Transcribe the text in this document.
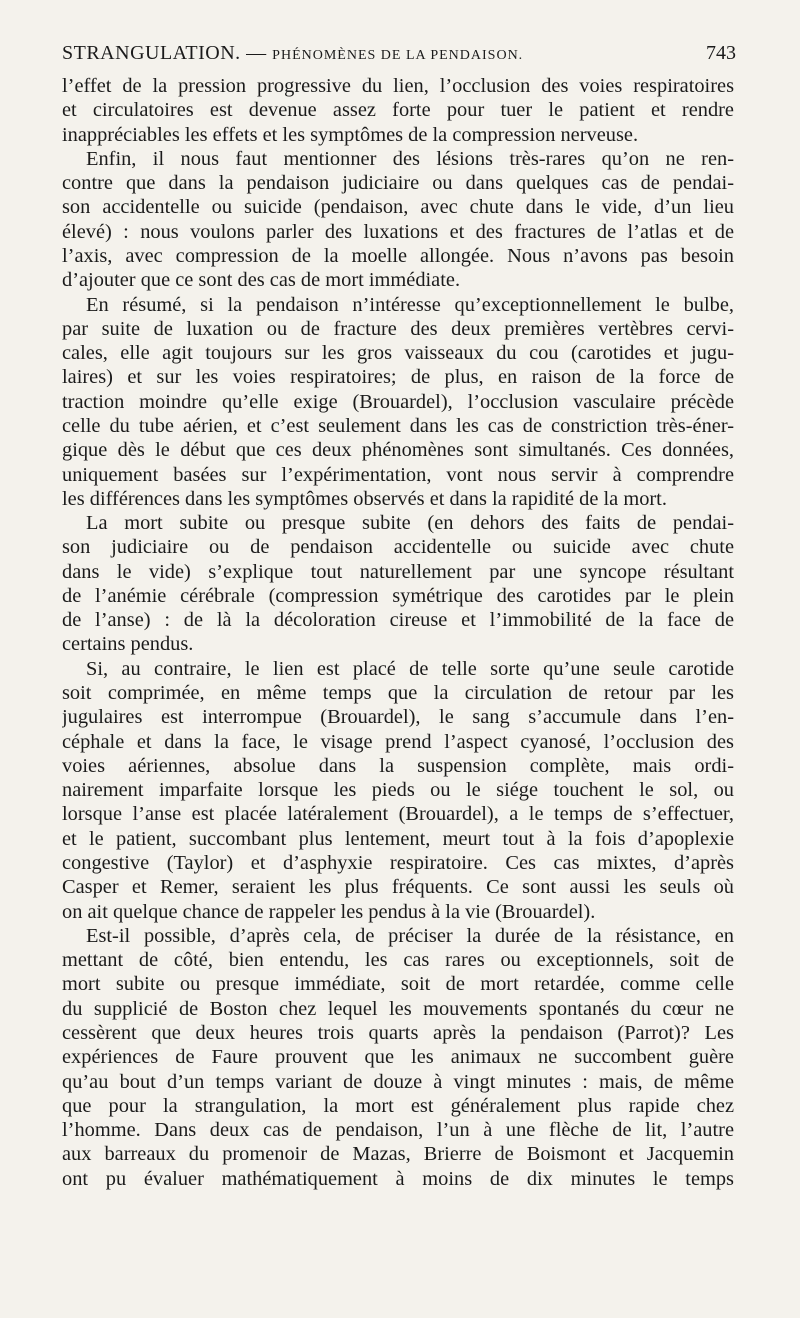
STRANGULATION. — PHÉNOMÈNES DE LA PENDAISON.	743
l’effet de la pression progressive du lien, l’occlusion des voies respiratoires
et circulatoires est devenue assez forte pour tuer le patient et rendre
inappréciables les effets et les symptômes de la compression nerveuse.
Enfin, il nous faut mentionner des lésions très-rares qu’on ne ren-
contre que dans la pendaison judiciaire ou dans quelques cas de pendai-
son accidentelle ou suicide (pendaison, avec chute dans le vide, d’un lieu
élevé) : nous voulons parler des luxations et des fractures de l’atlas et de
l’axis, avec compression de la moelle allongée. Nous n’avons pas besoin
d’ajouter que ce sont des cas de mort immédiate.
En résumé, si la pendaison n’intéresse qu’exceptionnellement le bulbe,
par suite de luxation ou de fracture des deux premières vertèbres cervi-
cales, elle agit toujours sur les gros vaisseaux du cou (carotides et jugu-
laires) et sur les voies respiratoires; de plus, en raison de la force de
traction moindre qu’elle exige (Brouardel), l’occlusion vasculaire précède
celle du tube aérien, et c’est seulement dans les cas de constriction très-éner-
gique dès le début que ces deux phénomènes sont simultanés. Ces données,
uniquement basées sur l’expérimentation, vont nous servir à comprendre
les différences dans les symptômes observés et dans la rapidité de la mort.
La mort subite ou presque subite (en dehors des faits de pendai-
son judiciaire ou de pendaison accidentelle ou suicide avec chute
dans le vide) s’explique tout naturellement par une syncope résultant
de l’anémie cérébrale (compression symétrique des carotides par le plein
de l’anse) : de là la décoloration cireuse et l’immobilité de la face de
certains pendus.
Si, au contraire, le lien est placé de telle sorte qu’une seule carotide
soit comprimée, en même temps que la circulation de retour par les
jugulaires est interrompue (Brouardel), le sang s’accumule dans l’en-
céphale et dans la face, le visage prend l’aspect cyanosé, l’occlusion des
voies aériennes, absolue dans la suspension complète, mais ordi-
nairement imparfaite lorsque les pieds ou le siége touchent le sol, ou
lorsque l’anse est placée latéralement (Brouardel), a le temps de s’effectuer,
et le patient, succombant plus lentement, meurt tout à la fois d’apoplexie
congestive (Taylor) et d’asphyxie respiratoire. Ces cas mixtes, d’après
Casper et Remer, seraient les plus fréquents. Ce sont aussi les seuls où
on ait quelque chance de rappeler les pendus à la vie (Brouardel).
Est-il possible, d’après cela, de préciser la durée de la résistance, en
mettant de côté, bien entendu, les cas rares ou exceptionnels, soit de
mort subite ou presque immédiate, soit de mort retardée, comme celle
du supplicié de Boston chez lequel les mouvements spontanés du cœur ne
cessèrent que deux heures trois quarts après la pendaison (Parrot)? Les
expériences de Faure prouvent que les animaux ne succombent guère
qu’au bout d’un temps variant de douze à vingt minutes : mais, de même
que pour la strangulation, la mort est généralement plus rapide chez
l’homme. Dans deux cas de pendaison, l’un à une flèche de lit, l’autre
aux barreaux du promenoir de Mazas, Brierre de Boismont et Jacquemin
ont pu évaluer mathématiquement à moins de dix minutes le temps
